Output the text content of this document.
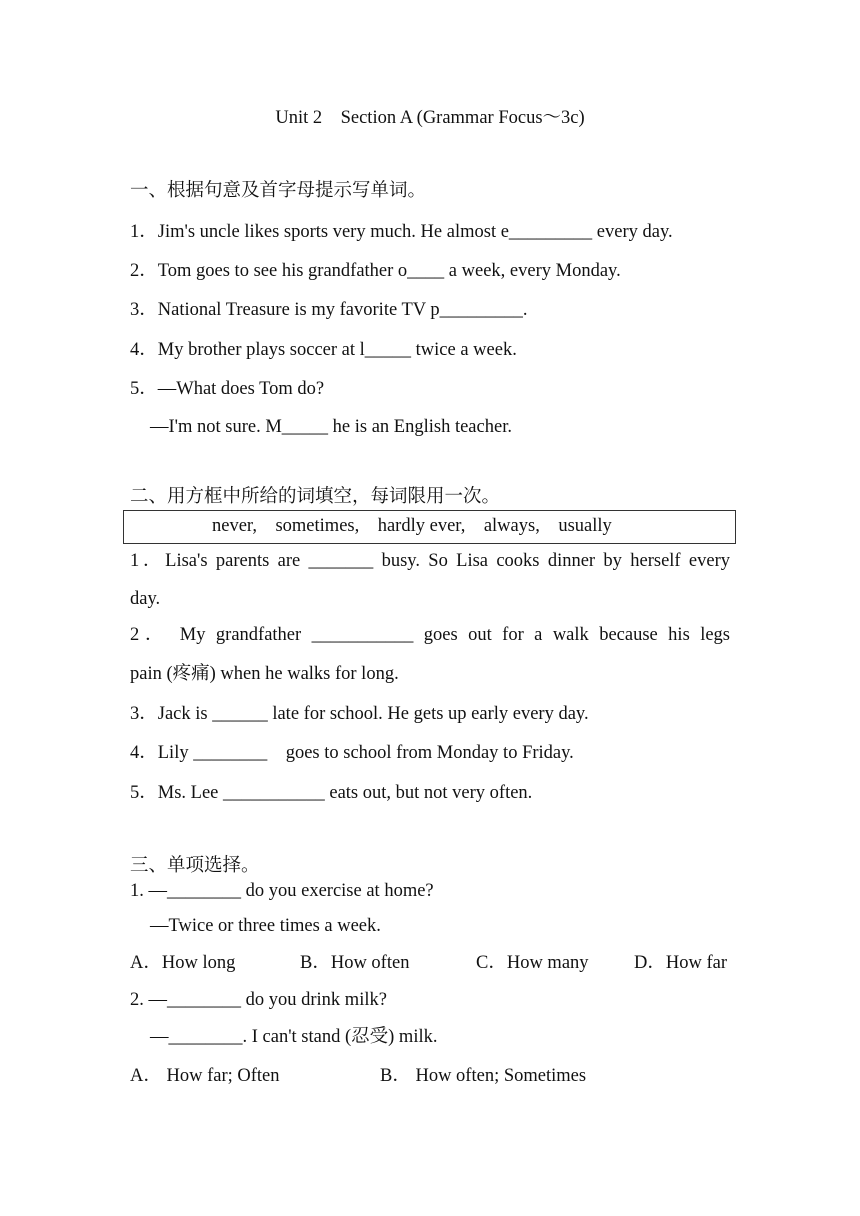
Unit 2　Section A (Grammar Focus～3c)
一、根据句意及首字母提示写单词。
1．Jim's uncle likes sports very much. He almost e_________ every day.
2．Tom goes to see his grandfather o____ a week, every Monday.
3．National Treasure is my favorite TV p_________.
4．My brother plays soccer at l_____ twice a week.
5．—What does Tom do?
—I'm not sure. M_____ he is an English teacher.
二、用方框中所给的词填空，每词限用一次。
never,    sometimes,    hardly ever,    always,    usually
1．Lisa's parents are _______ busy. So Lisa cooks dinner by herself every
day.
2． My grandfather ___________ goes out for a walk because his legs
pain (疼痛) when he walks for long.
3．Jack is ______ late for school. He gets up early every day.
4．Lily ________    goes to school from Monday to Friday.
5．Ms. Lee ___________ eats out, but not very often.
三、单项选择。
1. —________ do you exercise at home?
—Twice or three times a week.
A．How long	B．How often	C．How many D．How far
2. —________ do you drink milk?
—________. I can't stand (忍受) milk.
A． How far; Often	B． How often; Sometimes
